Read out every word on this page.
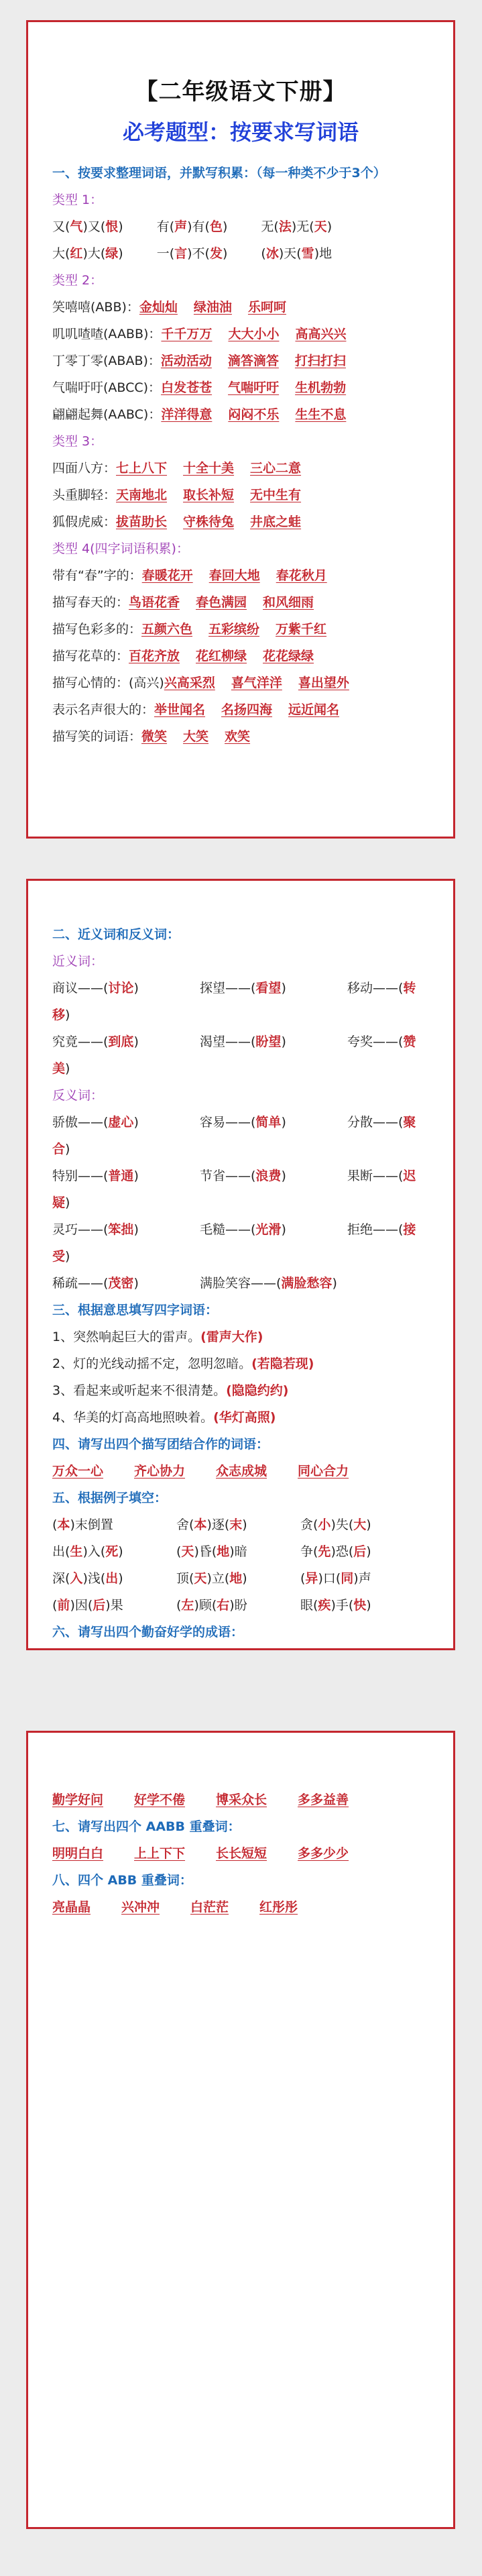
【二年级语文下册】
必考题型：按要求写词语
一、按要求整理词语，并默写积累：（每一种类不少于3个）
类型 1：
又(气)又(恨)	有(声)有(色)	无(法)无(天)
大(红)大(绿)	一(言)不(发)	(冰)天(雪)地
类型 2：
笑嘻嘻(ABB)：金灿灿 绿油油 乐呵呵
叽叽喳喳(AABB)：千千万万 大大小小 高高兴兴
丁零丁零(ABAB)：活动活动 滴答滴答 打扫打扫
气喘吁吁(ABCC)：白发苍苍 气喘吁吁 生机勃勃
翩翩起舞(AABC)：洋洋得意 闷闷不乐 生生不息
类型 3：
四面八方：七上八下 十全十美 三心二意
头重脚轻：天南地北 取长补短 无中生有
狐假虎威：拔苗助长 守株待兔 井底之蛙
类型 4(四字词语积累)：
带有“春”字的：春暖花开 春回大地 春花秋月
描写春天的：鸟语花香 春色满园 和风细雨
描写色彩多的：五颜六色 五彩缤纷 万紫千红
描写花草的：百花齐放 花红柳绿 花花绿绿
描写心情的：(高兴)兴高采烈 喜气洋洋 喜出望外
表示名声很大的：举世闻名 名扬四海 远近闻名
描写笑的词语：微笑 大笑 欢笑
二、近义词和反义词：
近义词：
商议——(讨论)	探望——(看望)	移动——(转
移)
究竟——(到底)	渴望——(盼望)	夸奖——(赞
美)
反义词：
骄傲——(虚心)	容易——(简单)	分散——(聚
合)
特别——(普通)	节省——(浪费)	果断——(迟
疑)
灵巧——(笨拙)	毛糙——(光滑)	拒绝——(接
受)
稀疏——(茂密)	满脸笑容——(满脸愁容)
三、根据意思填写四字词语：
1、突然响起巨大的雷声。(雷声大作)
2、灯的光线动摇不定，忽明忽暗。(若隐若现)
3、看起来或听起来不很清楚。(隐隐约约)
4、华美的灯高高地照映着。(华灯高照)
四、请写出四个描写团结合作的词语：
万众一心 齐心协力 众志成城 同心合力
五、根据例子填空：
(本)末倒置	舍(本)逐(末)	贪(小)失(大)
出(生)入(死)	(天)昏(地)暗	争(先)恐(后)
深(入)浅(出)	顶(天)立(地)	(异)口(同)声
(前)因(后)果	(左)顾(右)盼	眼(疾)手(快)
六、请写出四个勤奋好学的成语：
勤学好问 好学不倦 博采众长 多多益善
七、请写出四个 AABB 重叠词：
明明白白 上上下下 长长短短 多多少少
八、四个 ABB 重叠词：
亮晶晶 兴冲冲 白茫茫 红彤彤
